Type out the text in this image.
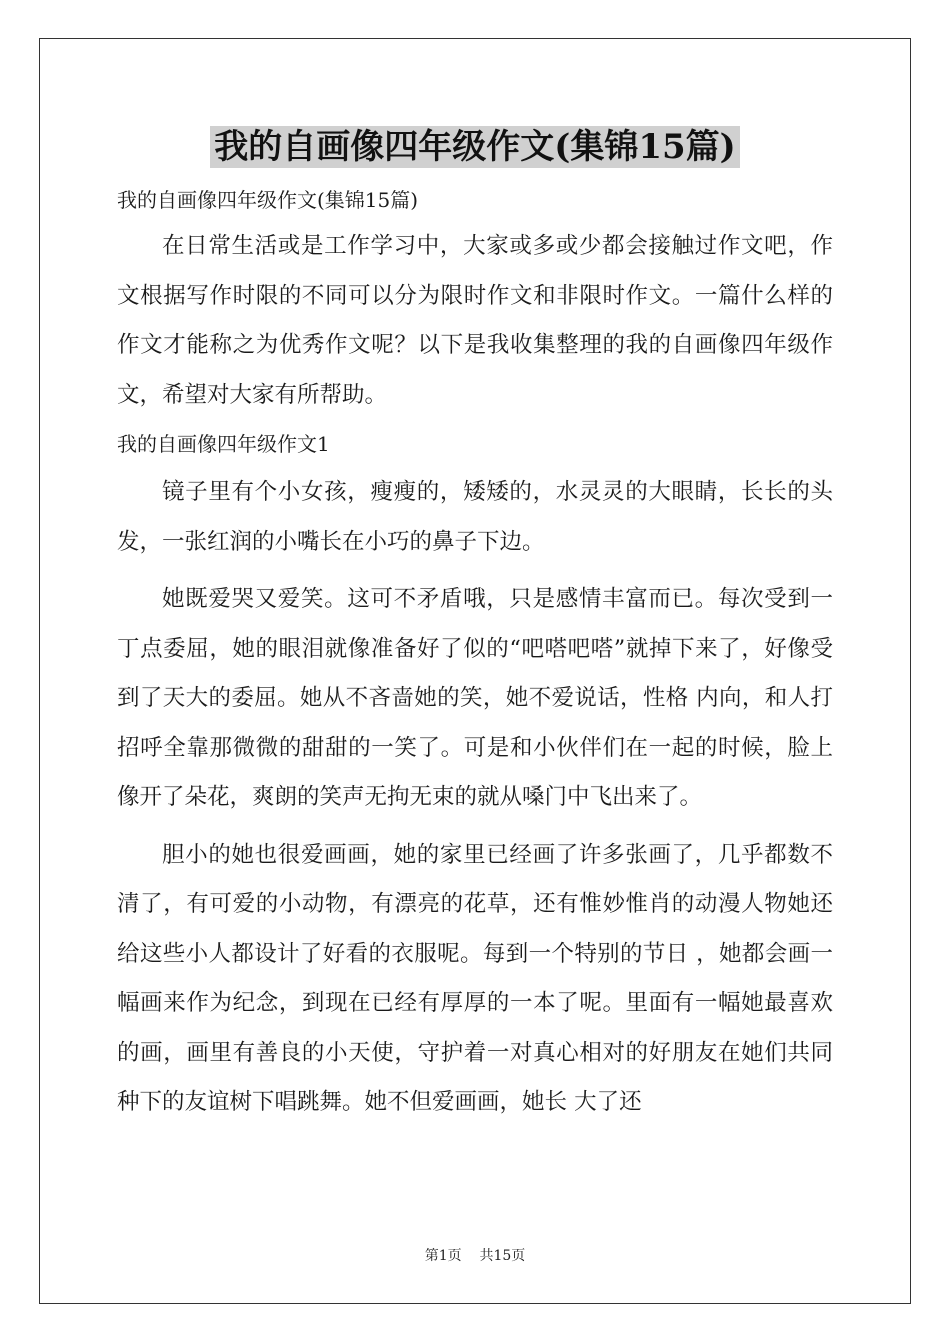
我的自画像四年级作文(集锦15篇)

我的自画像四年级作文(集锦15篇)

在日常生活或是工作学习中，大家或多或少都会接触过作文吧，作文根据写作时限的不同可以分为限时作文和非限时作文。一篇什么样的作文才能称之为优秀作文呢？以下是我收集整理的我的自画像四年级作文，希望对大家有所帮助。

我的自画像四年级作文1

镜子里有个小女孩，瘦瘦的，矮矮的，水灵灵的大眼睛，长长的头发，一张红润的小嘴长在小巧的鼻子下边。

她既爱哭又爱笑。这可不矛盾哦，只是感情丰富而已。每次受到一丁点委屈，她的眼泪就像准备好了似的“吧嗒吧嗒”就掉下来了，好像受到了天大的委屈。她从不吝啬她的笑，她不爱说话，性格 内向，和人打招呼全靠那微微的甜甜的一笑了。可是和小伙伴们在一起的时候，脸上像开了朵花，爽朗的笑声无拘无束的就从嗓门中飞出来了。

胆小的她也很爱画画，她的家里已经画了许多张画了，几乎都数不清了，有可爱的小动物，有漂亮的花草，还有惟妙惟肖的动漫人物她还给这些小人都设计了好看的衣服呢。每到一个特别的节日 ，她都会画一幅画来作为纪念，到现在已经有厚厚的一本了呢。里面有一幅她最喜欢的画，画里有善良的小天使，守护着一对真心相对的好朋友在她们共同种下的友谊树下唱跳舞。她不但爱画画，她长 大了还

第1页 共15页
